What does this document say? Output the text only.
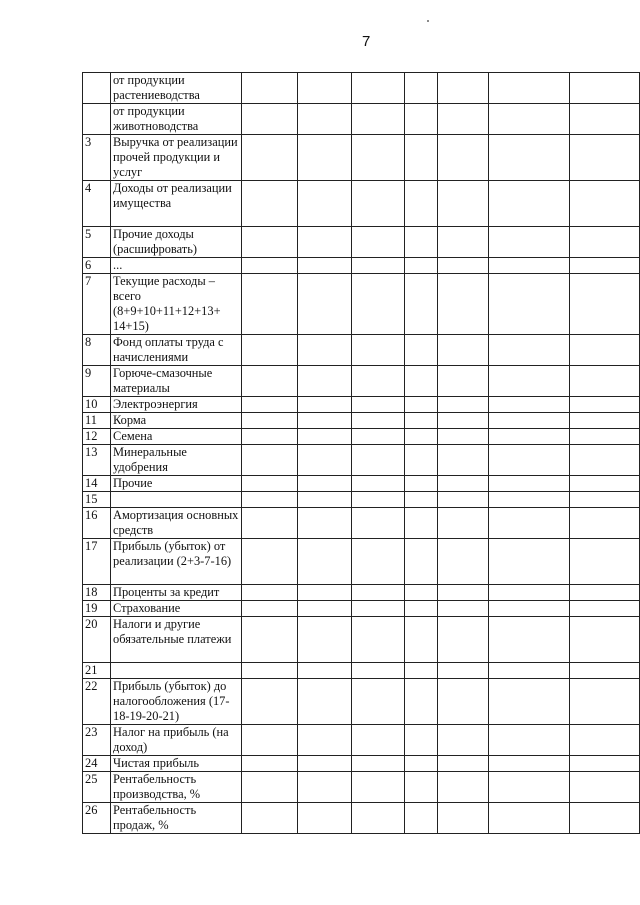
7
	от продукции растениеводства							
	от продукции животноводства							
3	Выручка от реализации прочей продукции и услуг							
4	Доходы от реализации имущества							
5	Прочие доходы (расшифровать)							
6	...							
7	Текущие расходы – всего (8+9+10+11+12+13+ 14+15)							
8	Фонд оплаты труда с начислениями							
9	Горюче-смазочные материалы							
10	Электроэнергия							
11	Корма							
12	Семена							
13	Минеральные удобрения							
14	Прочие							
15								
16	Амортизация основных средств							
17	Прибыль (убыток) от реализации (2+3-7-16)							
18	Проценты за кредит							
19	Страхование							
20	Налоги и другие обязательные платежи							
21								
22	Прибыль (убыток) до налогообложения (17-18-19-20-21)							
23	Налог на прибыль (на доход)							
24	Чистая прибыль							
25	Рентабельность производства, %							
26	Рентабельность продаж, %							
